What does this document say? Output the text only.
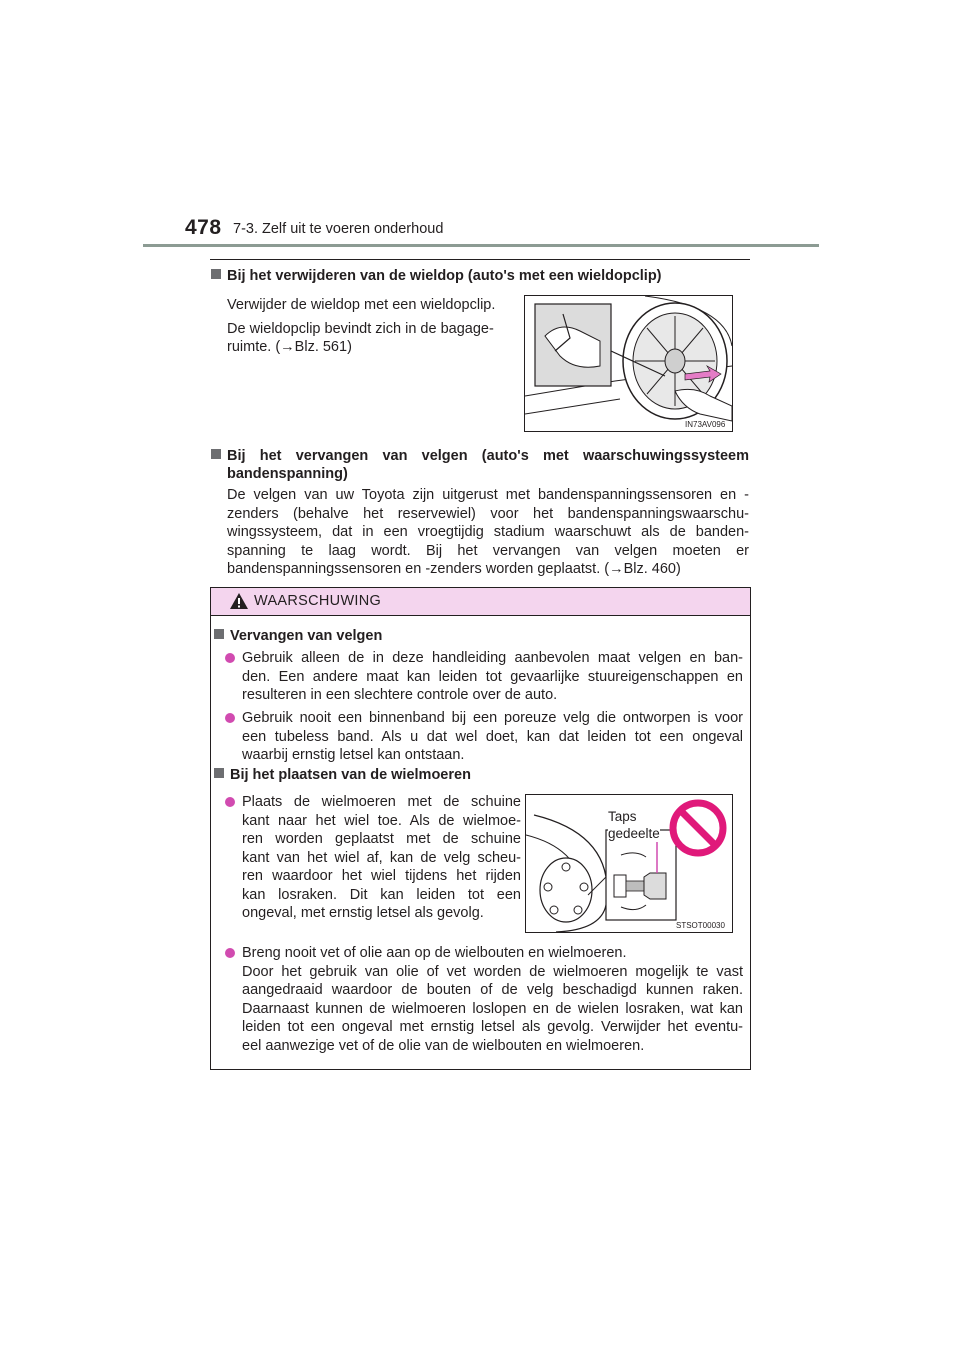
478 7-3. Zelf uit te voeren onderhoud
Bij het verwijderen van de wieldop (auto's met een wieldopclip)
Verwijder de wieldop met een wieldopclip.
De wieldopclip bevindt zich in de bagage-
ruimte. (→Blz. 561)
IN73AV096
Bij het vervangen van velgen (auto's met waarschuwingssysteem
bandenspanning)
De velgen van uw Toyota zijn uitgerust met bandenspanningssensoren en -
zenders (behalve het reservewiel) voor het bandenspanningswaarschu-
wingssysteem, dat in een vroegtijdig stadium waarschuwt als de banden-
spanning te laag wordt. Bij het vervangen van velgen moeten er
bandenspanningssensoren en -zenders worden geplaatst. (→Blz. 460)
WAARSCHUWING
Vervangen van velgen
Gebruik alleen de in deze handleiding aanbevolen maat velgen en ban-
den. Een andere maat kan leiden tot gevaarlijke stuureigenschappen en
resulteren in een slechtere controle over de auto.
Gebruik nooit een binnenband bij een poreuze velg die ontworpen is voor
een tubeless band. Als u dat wel doet, kan dat leiden tot een ongeval
waarbij ernstig letsel kan ontstaan.
Bij het plaatsen van de wielmoeren
Plaats de wielmoeren met de schuine
kant naar het wiel toe. Als de wielmoe-
ren worden geplaatst met de schuine
kant van het wiel af, kan de velg scheu-
ren waardoor het wiel tijdens het rijden
kan losraken. Dit kan leiden tot een
ongeval, met ernstig letsel als gevolg.
Taps
gedeelte
STSOT00030
Breng nooit vet of olie aan op de wielbouten en wielmoeren.
Door het gebruik van olie of vet worden de wielmoeren mogelijk te vast
aangedraaid waardoor de bouten of de velg beschadigd kunnen raken.
Daarnaast kunnen de wielmoeren loslopen en de wielen losraken, wat kan
leiden tot een ongeval met ernstig letsel als gevolg. Verwijder het eventu-
eel aanwezige vet of de olie van de wielbouten en wielmoeren.
